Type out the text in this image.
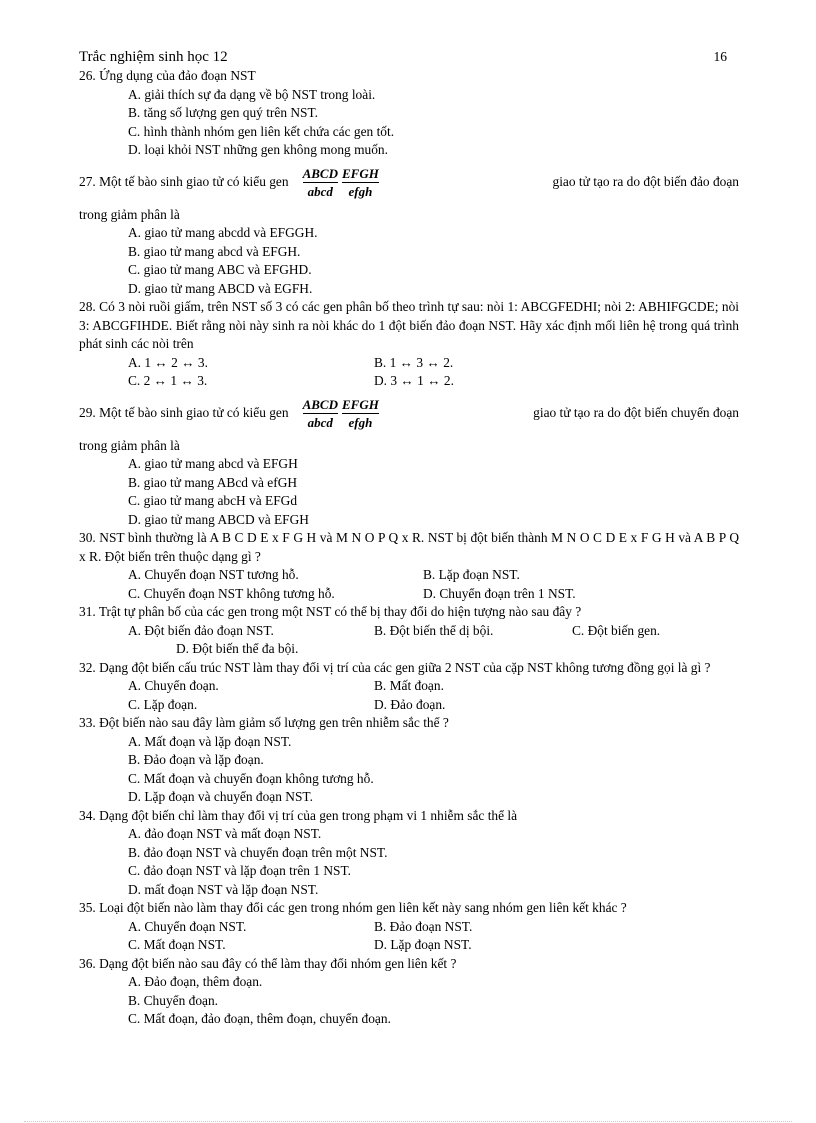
Trắc nghiệm sinh học 12	16
26. Ứng dụng của đảo đoạn NST
A. giải thích sự đa dạng về bộ NST trong loài.
B. tăng số lượng gen quý trên NST.
C. hình thành nhóm gen liên kết chứa các gen tốt.
D. loại khỏi NST những gen không mong muốn.
27. Một tế bào sinh giao tử có kiểu gen $\frac{\text{ABCD}}{\text{abcd}} \frac{\text{EFGH}}{\text{efgh}}$	giao tử tạo ra do đột biến đảo đoạn
trong giảm phân là
A. giao tử mang abcdd và EFGGH.
B. giao tử mang abcd và EFGH.
C. giao tử mang ABC và EFGHD.
D. giao tử mang ABCD và EGFH.
28. Có 3 nòi ruồi giấm, trên NST số 3 có các gen phân bố theo trình tự sau: nòi 1: ABCGFEDHI; nòi 2: ABHIFGCDE; nòi 3: ABCGFIHDE. Biết rằng nòi này sinh ra nòi khác do 1 đột biến đảo đoạn NST. Hãy xác định mối liên hệ trong quá trình phát sinh các nòi trên
A. 1 ↔ 2 ↔ 3.	B. 1 ↔ 3 ↔ 2.
C. 2 ↔ 1 ↔ 3.	D. 3 ↔ 1 ↔ 2.
29. Một tế bào sinh giao tử có kiểu gen $\frac{\text{ABCD}}{\text{abcd}} \frac{\text{EFGH}}{\text{efgh}}$	giao tử tạo ra do đột biến chuyển đoạn
trong giảm phân là
A. giao tử mang abcd và EFGH
B. giao tử mang ABcd và efGH
C. giao tử mang abcH và EFGd
D. giao tử mang ABCD và EFGH
30. NST bình thường là A B C D E x F G H và M N O P Q x R. NST bị đột biến thành M N O C D E x F G H và A B P Q x R. Đột biến trên thuộc dạng gì ?
A. Chuyển đoạn NST tương hỗ.	B. Lặp đoạn NST.
C. Chuyển đoạn NST không tương hỗ.	D. Chuyển đoạn trên 1 NST.
31. Trật tự phân bố của các gen trong một NST có thể bị thay đổi do hiện tượng nào sau đây ?
A. Đột biến đảo đoạn NST.	B. Đột biến thể dị bội.	C. Đột biến gen.
D. Đột biến thể đa bội.
32. Dạng đột biến cấu trúc NST làm thay đổi vị trí của các gen giữa 2 NST của cặp NST không tương đồng gọi là gì ?
A. Chuyển đoạn.	B. Mất đoạn.
C. Lặp đoạn.	D. Đảo đoạn.
33. Đột biến nào sau đây làm giảm số lượng gen trên nhiễm sắc thể ?
A. Mất đoạn và lặp đoạn NST.
B. Đảo đoạn và lặp đoạn.
C. Mất đoạn và chuyển đoạn không tương hỗ.
D. Lặp đoạn và chuyển đoạn NST.
34. Dạng đột biến chỉ làm thay đổi vị trí của gen trong phạm vi 1 nhiễm sắc thể là
A. đảo đoạn NST và mất đoạn NST.
B. đảo đoạn NST và chuyển đoạn trên một NST.
C. đảo đoạn NST và lặp đoạn trên 1 NST.
D. mất đoạn NST và lặp đoạn NST.
35. Loại đột biến nào làm thay đổi các gen trong nhóm gen liên kết này sang nhóm gen liên kết khác ?
A. Chuyển đoạn NST.	B. Đảo đoạn NST.
C. Mất đoạn NST.	D. Lặp đoạn NST.
36. Dạng đột biến nào sau đây có thể làm thay đổi nhóm gen liên kết ?
A. Đảo đoạn, thêm đoạn.
B. Chuyển đoạn.
C. Mất đoạn, đảo đoạn, thêm đoạn, chuyển đoạn.
